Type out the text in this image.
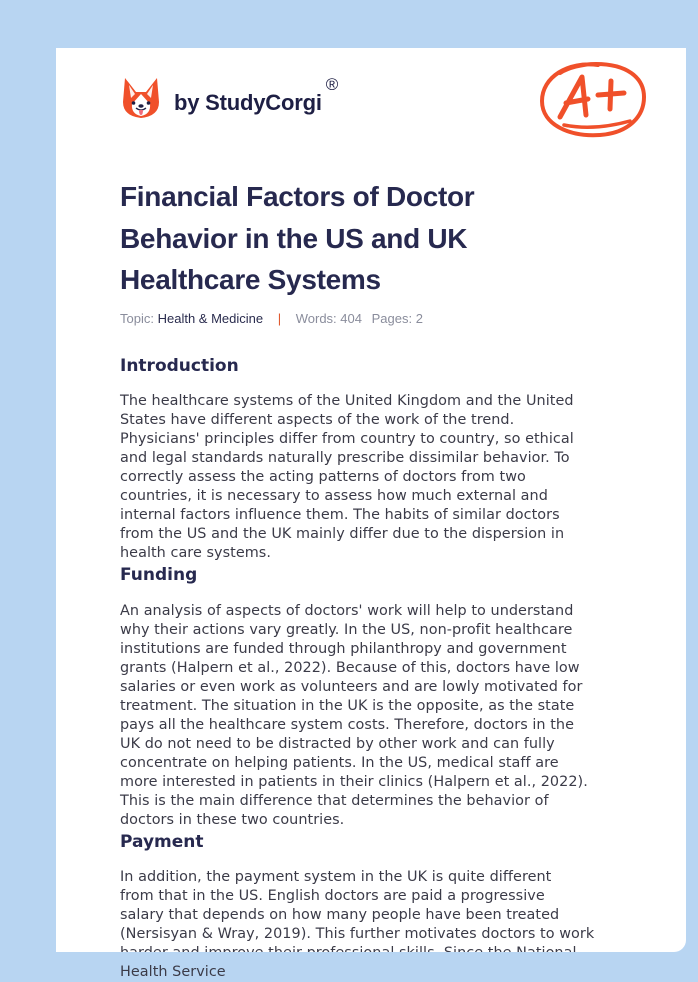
by StudyCorgi
®
Financial Factors of Doctor
Behavior in the US and UK
Healthcare Systems
Topic: Health & Medicine | Words: 404 Pages: 2
Introduction

The healthcare systems of the United Kingdom and the United
States have different aspects of the work of the trend.
Physicians' principles differ from country to country, so ethical
and legal standards naturally prescribe dissimilar behavior. To
correctly assess the acting patterns of doctors from two
countries, it is necessary to assess how much external and
internal factors influence them. The habits of similar doctors
from the US and the UK mainly differ due to the dispersion in
health care systems.

Funding

An analysis of aspects of doctors' work will help to understand
why their actions vary greatly. In the US, non-profit healthcare
institutions are funded through philanthropy and government
grants (Halpern et al., 2022). Because of this, doctors have low
salaries or even work as volunteers and are lowly motivated for
treatment. The situation in the UK is the opposite, as the state
pays all the healthcare system costs. Therefore, doctors in the
UK do not need to be distracted by other work and can fully
concentrate on helping patients. In the US, medical staff are
more interested in patients in their clinics (Halpern et al., 2022).
This is the main difference that determines the behavior of
doctors in these two countries.

Payment

In addition, the payment system in the UK is quite different
from that in the US. English doctors are paid a progressive
salary that depends on how many people have been treated
(Nersisyan & Wray, 2019). This further motivates doctors to work
Health Service
